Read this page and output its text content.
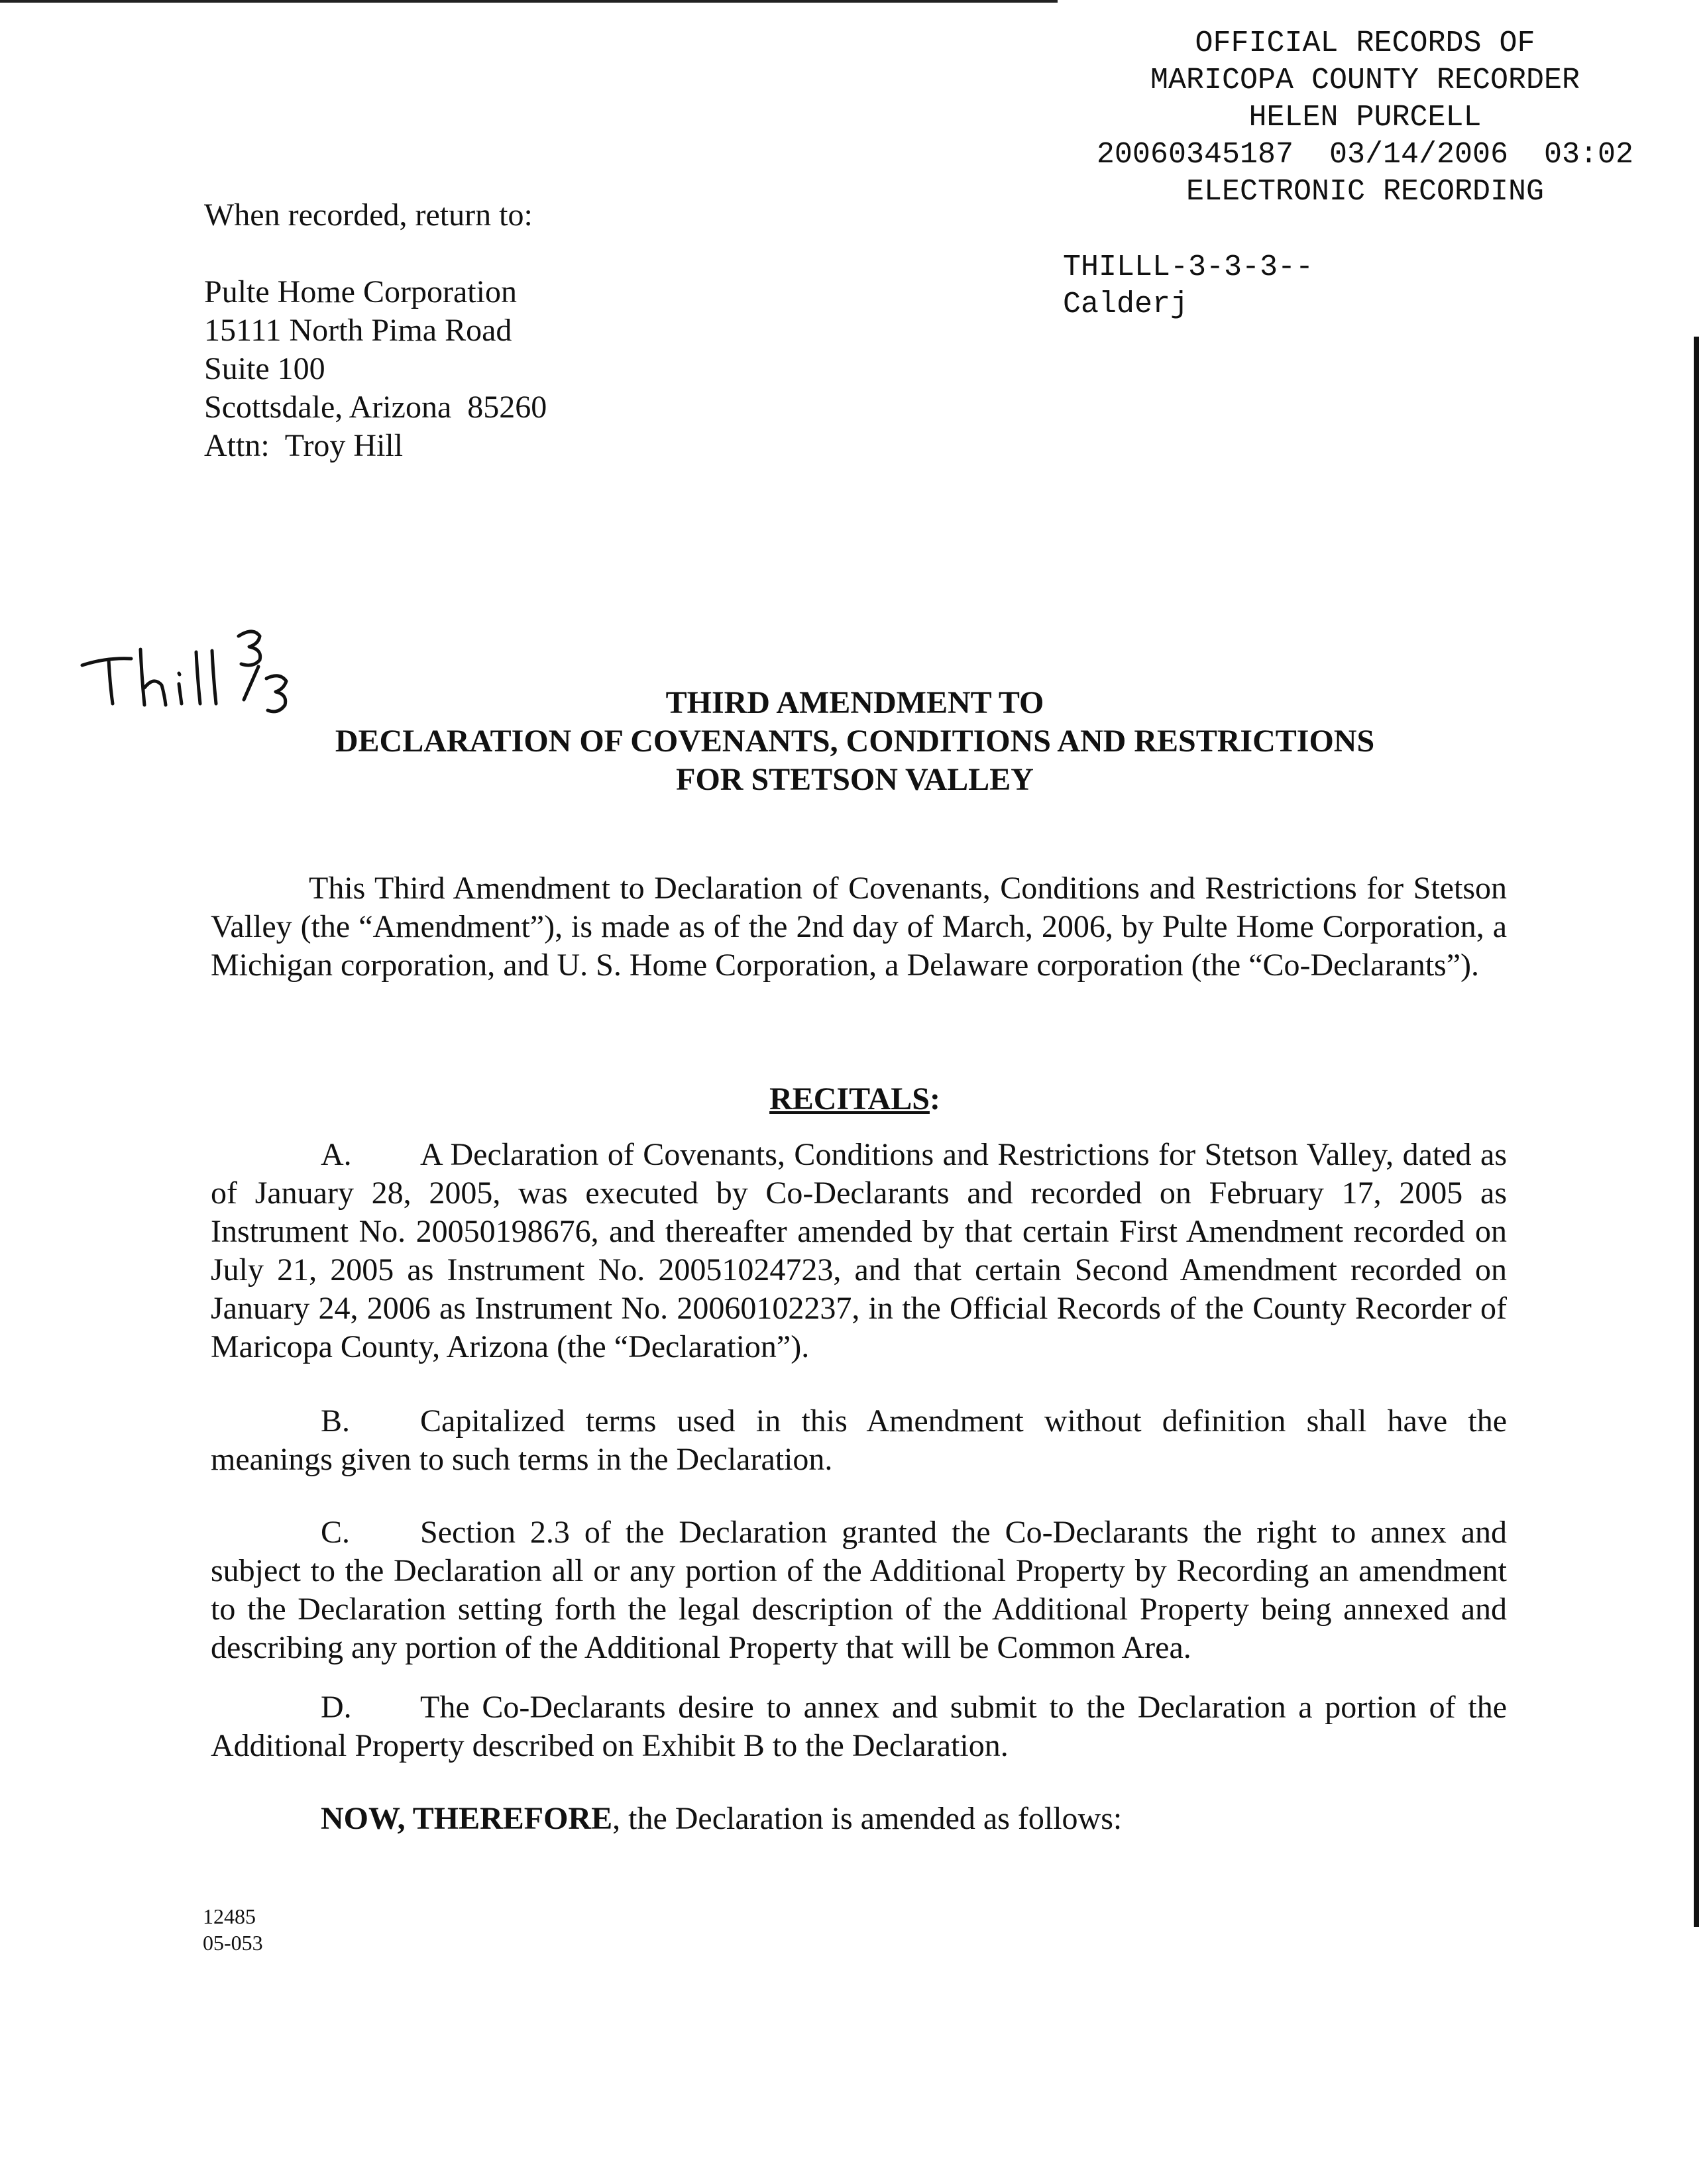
OFFICIAL RECORDS OF
MARICOPA COUNTY RECORDER
HELEN PURCELL
20060345187  03/14/2006  03:02
ELECTRONIC RECORDING
THILLL-3-3-3--
Calderj
When recorded, return to:
Pulte Home Corporation
15111 North Pima Road
Suite 100
Scottsdale, Arizona  85260
Attn:  Troy Hill
THIRD AMENDMENT TO
DECLARATION OF COVENANTS, CONDITIONS AND RESTRICTIONS
FOR STETSON VALLEY
This Third Amendment to Declaration of Covenants, Conditions and Restrictions for Stetson Valley (the “Amendment”), is made as of the 2nd day of March, 2006, by Pulte Home Corporation, a Michigan corporation, and U. S. Home Corporation, a Delaware corporation (the “Co-Declarants”).
RECITALS:
A. A Declaration of Covenants, Conditions and Restrictions for Stetson Valley, dated as of January 28, 2005, was executed by Co-Declarants and recorded on February 17, 2005 as Instrument No. 20050198676, and thereafter amended by that certain First Amendment recorded on July 21, 2005 as Instrument No. 20051024723, and that certain Second Amendment recorded on January 24, 2006 as Instrument No. 20060102237, in the Official Records of the County Recorder of Maricopa County, Arizona (the “Declaration”).
B. Capitalized terms used in this Amendment without definition shall have the meanings given to such terms in the Declaration.
C. Section 2.3 of the Declaration granted the Co-Declarants the right to annex and subject to the Declaration all or any portion of the Additional Property by Recording an amendment to the Declaration setting forth the legal description of the Additional Property being annexed and describing any portion of the Additional Property that will be Common Area.
D. The Co-Declarants desire to annex and submit to the Declaration a portion of the Additional Property described on Exhibit B to the Declaration.
NOW, THEREFORE, the Declaration is amended as follows:
12485
05-053
